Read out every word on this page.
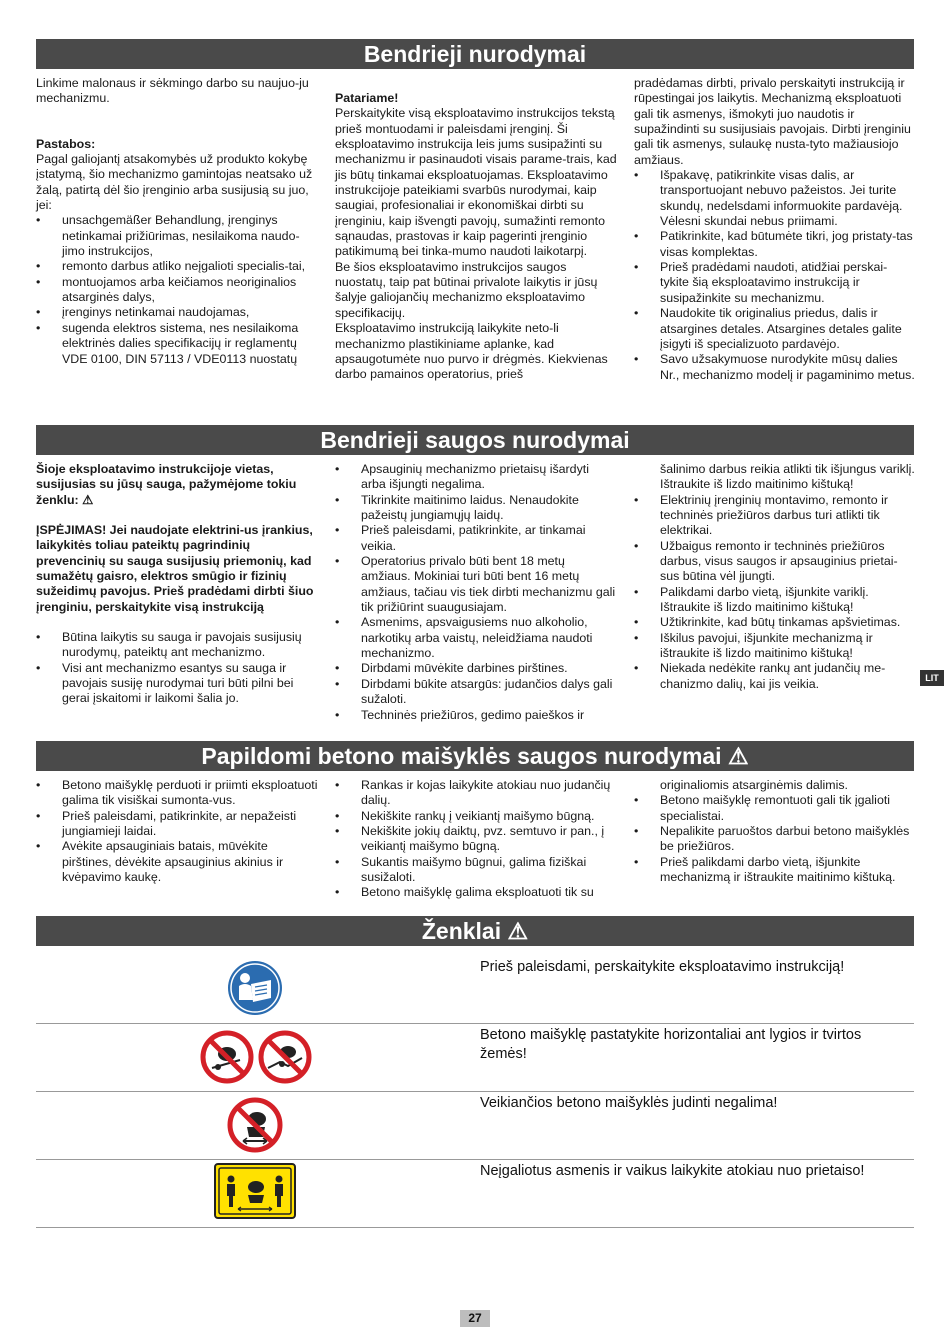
Bendrieji nurodymai

Linkime malonaus ir sėkmingo darbo su naujuo-ju mechanizmu.

Pastabos:

Pagal galiojantį atsakomybės už produkto kokybę įstatymą, šio mechanizmo gamintojas neatsako už žalą, patirtą dėl šio įrenginio arba susijusią su juo, jei:

• unsachgemäßer Behandlung, įrenginys netinkamai prižiūrimas, nesilaikoma naudo-jimo instrukcijos,
• remonto darbus atliko neįgalioti specialis-tai,
• montuojamos arba keičiamos neoriginalios atsarginės dalys,
• įrenginys netinkamai naudojamas,
• sugenda elektros sistema, nes nesilaikoma elektrinės dalies specifikacijų ir reglamentų VDE 0100, DIN 57113 / VDE0113 nuostatų

Patariame!

Perskaitykite visą eksploatavimo instrukcijos tekstą prieš montuodami ir paleisdami įrenginį. Ši eksploatavimo instrukcija leis jums susipažinti su mechanizmu ir pasinaudoti visais parame-trais, kad jis būtų tinkamai eksploatuojamas. Eksploatavimo instrukcijoje pateikiami svarbūs nurodymai, kaip saugiai, profesionaliai ir ekonomiškai dirbti su įrenginiu, kaip išvengti pavojų, sumažinti remonto sąnaudas, prastovas ir kaip pagerinti įrenginio patikimumą bei tinka-mumo naudoti laikotarpį.

Be šios eksploatavimo instrukcijos saugos nuostatų, taip pat būtinai privalote laikytis ir jūsų šalyje galiojančių mechanizmo eksploatavimo specifikacijų.

Eksploatavimo instrukciją laikykite neto-li mechanizmo plastikiniame aplanke, kad apsaugotumėte nuo purvo ir drėgmės. Kiekvienas darbo pamainos operatorius, prieš

pradėdamas dirbti, privalo perskaityti instrukciją ir rūpestingai jos laikytis. Mechanizmą eksploatuoti gali tik asmenys, išmokyti juo naudotis ir supažindinti su susijusiais pavojais. Dirbti įrenginiu gali tik asmenys, sulaukę nusta-tyto mažiausiojo amžiaus.

• Išpakavę, patikrinkite visas dalis, ar transportuojant nebuvo pažeistos. Jei turite skundų, nedelsdami informuokite pardavėją. Vėlesni skundai nebus priimami.
• Patikrinkite, kad būtumėte tikri, jog pristaty-tas visas komplektas.
• Prieš pradėdami naudoti, atidžiai perskai-tykite šią eksploatavimo instrukciją ir susipažinkite su mechanizmu.
• Naudokite tik originalius priedus, dalis ir atsargines detales. Atsargines detales galite įsigyti iš specializuoto pardavėjo.
• Savo užsakymuose nurodykite mūsų dalies Nr., mechanizmo modelį ir pagaminimo metus.
Bendrieji saugos nurodymai

Šioje eksploatavimo instrukcijoje vietas, susijusias su jūsų sauga, pažymėjome tokiu ženklu: ⚠

ĮSPĖJIMAS! Jei naudojate elektrini-us įrankius, laikykitės toliau pateiktų pagrindinių prevencinių su sauga susijusių priemonių, kad sumažėtų gaisro, elektros smūgio ir fizinių sužeidimų pavojus. Prieš pradėdami dirbti šiuo įrenginiu, perskaitykite visą instrukciją

• Būtina laikytis su sauga ir pavojais susijusių nurodymų, pateiktų ant mechanizmo.
• Visi ant mechanizmo esantys su sauga ir pavojais susiję nurodymai turi būti pilni bei gerai įskaitomi ir laikomi šalia jo.
• Apsauginių mechanizmo prietaisų išardyti arba išjungti negalima.
• Tikrinkite maitinimo laidus. Nenaudokite pažeistų jungiamųjų laidų.
• Prieš paleisdami, patikrinkite, ar tinkamai veikia.
• Operatorius privalo būti bent 18 metų amžiaus. Mokiniai turi būti bent 16 metų amžiaus, tačiau vis tiek dirbti mechanizmu gali tik prižiūrint suaugusiajam.
• Asmenims, apsvaigusiems nuo alkoholio, narkotikų arba vaistų, neleidžiama naudoti mechanizmo.
• Dirbdami mūvėkite darbines pirštines.
• Dirbdami būkite atsargūs: judančios dalys gali sužaloti.
• Techninės priežiūros, gedimo paieškos ir
šalinimo darbus reikia atlikti tik išjungus variklį. Ištraukite iš lizdo maitinimo kištuką!
• Elektrinių įrenginių montavimo, remonto ir techninės priežiūros darbus turi atlikti tik elektrikai.
• Užbaigus remonto ir techninės priežiūros darbus, visus saugos ir apsauginius prietai-sus būtina vėl įjungti.
• Palikdami darbo vietą, išjunkite variklį. Ištraukite iš lizdo maitinimo kištuką!
• Užtikrinkite, kad būtų tinkamas apšvietimas.
• Iškilus pavojui, išjunkite mechanizmą ir ištraukite iš lizdo maitinimo kištuką!
• Niekada nedėkite rankų ant judančių me-chanizmo dalių, kai jis veikia.	LIT
Papildomi betono maišyklės saugos nurodymai ⚠
• Betono maišyklę perduoti ir priimti eksploatuoti galima tik visiškai sumonta-vus.
• Prieš paleisdami, patikrinkite, ar nepažeisti jungiamieji laidai.
• Avėkite apsauginiais batais, mūvėkite pirštines, dėvėkite apsauginius akinius ir kvėpavimo kaukę.
• Rankas ir kojas laikykite atokiau nuo judančių dalių.
• Nekiškite rankų į veikiantį maišymo būgną.
• Nekiškite jokių daiktų, pvz. semtuvo ir pan., į veikiantį maišymo būgną.
• Sukantis maišymo būgnui, galima fiziškai susižaloti.
• Betono maišyklę galima eksploatuoti tik su
originaliomis atsarginėmis dalimis.
• Betono maišyklę remontuoti gali tik įgalioti specialistai.
• Nepalikite paruoštos darbui betono maišyklės be priežiūros.
• Prieš palikdami darbo vietą, išjunkite mechanizmą ir ištraukite maitinimo kištuką.
Ženklai ⚠
Prieš paleisdami, perskaitykite eksploatavimo instrukciją!
Betono maišyklę pastatykite horizontaliai ant lygios ir tvirtos žemės!
Veikiančios betono maišyklės judinti negalima!
Neįgaliotus asmenis ir vaikus laikykite atokiau nuo prietaiso!
27
